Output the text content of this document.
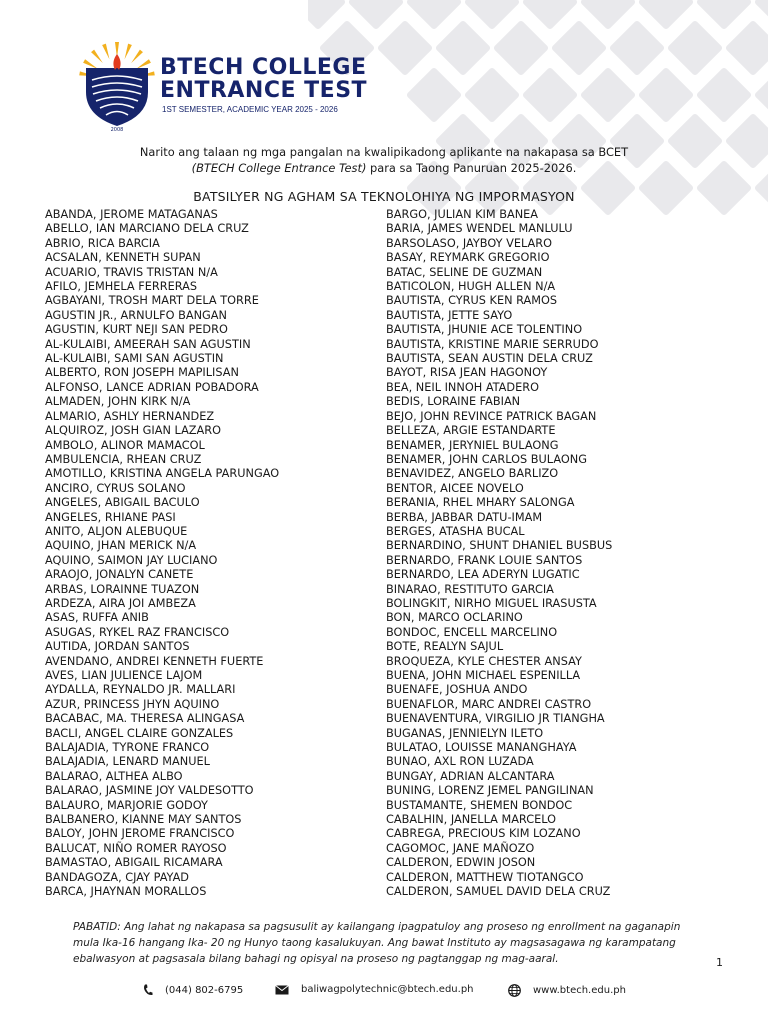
2008
BTECH COLLEGE
ENTRANCE TEST
1ST SEMESTER, ACADEMIC YEAR 2025 - 2026
Narito ang talaan ng mga pangalan na kwalipikadong aplikante na nakapasa sa BCET
(BTECH College Entrance Test) para sa Taong Panuruan 2025-2026.
BATSILYER NG AGHAM SA TEKNOLOHIYA NG IMPORMASYON
ABANDA, JEROME MATAGANAS
ABELLO, IAN MARCIANO DELA CRUZ
ABRIO, RICA BARCIA
ACSALAN, KENNETH SUPAN
ACUARIO, TRAVIS TRISTAN N/A
AFILO, JEMHELA FERRERAS
AGBAYANI, TROSH MART DELA TORRE
AGUSTIN JR., ARNULFO BANGAN
AGUSTIN, KURT NEJI SAN PEDRO
AL-KULAIBI, AMEERAH SAN AGUSTIN
AL-KULAIBI, SAMI SAN AGUSTIN
ALBERTO, RON JOSEPH MAPILISAN
ALFONSO, LANCE ADRIAN POBADORA
ALMADEN, JOHN KIRK N/A
ALMARIO, ASHLY HERNANDEZ
ALQUIROZ, JOSH GIAN LAZARO
AMBOLO, ALINOR MAMACOL
AMBULENCIA, RHEAN CRUZ
AMOTILLO, KRISTINA ANGELA PARUNGAO
ANCIRO, CYRUS SOLANO
ANGELES, ABIGAIL BACULO
ANGELES, RHIANE PASI
ANITO, ALJON ALEBUQUE
AQUINO, JHAN MERICK N/A
AQUINO, SAIMON JAY LUCIANO
ARAOJO, JONALYN CANETE
ARBAS, LORAINNE TUAZON
ARDEZA, AIRA JOI AMBEZA
ASAS, RUFFA ANIB
ASUGAS, RYKEL RAZ FRANCISCO
AUTIDA, JORDAN SANTOS
AVENDANO, ANDREI KENNETH FUERTE
AVES, LIAN JULIENCE LAJOM
AYDALLA, REYNALDO JR. MALLARI
AZUR, PRINCESS JHYN AQUINO
BACABAC, MA. THERESA ALINGASA
BACLI, ANGEL CLAIRE GONZALES
BALAJADIA, TYRONE FRANCO
BALAJADIA, LENARD MANUEL
BALARAO, ALTHEA ALBO
BALARAO, JASMINE JOY VALDESOTTO
BALAURO, MARJORIE GODOY
BALBANERO, KIANNE MAY SANTOS
BALOY, JOHN JEROME FRANCISCO
BALUCAT, NIÑO ROMER RAYOSO
BAMASTAO, ABIGAIL RICAMARA
BANDAGOZA, CJAY PAYAD
BARCA, JHAYNAN MORALLOS
BARGO, JULIAN KIM BANEA
BARIA, JAMES WENDEL MANLULU
BARSOLASO, JAYBOY VELARO
BASAY, REYMARK GREGORIO
BATAC, SELINE DE GUZMAN
BATICOLON, HUGH ALLEN N/A
BAUTISTA, CYRUS KEN RAMOS
BAUTISTA, JETTE SAYO
BAUTISTA, JHUNIE ACE TOLENTINO
BAUTISTA, KRISTINE MARIE SERRUDO
BAUTISTA, SEAN AUSTIN DELA CRUZ
BAYOT, RISA JEAN HAGONOY
BEA, NEIL INNOH ATADERO
BEDIS, LORAINE FABIAN
BEJO, JOHN REVINCE PATRICK BAGAN
BELLEZA, ARGIE ESTANDARTE
BENAMER, JERYNIEL BULAONG
BENAMER, JOHN CARLOS BULAONG
BENAVIDEZ, ANGELO BARLIZO
BENTOR, AICEE NOVELO
BERANIA, RHEL MHARY SALONGA
BERBA, JABBAR DATU-IMAM
BERGES, ATASHA BUCAL
BERNARDINO, SHUNT DHANIEL BUSBUS
BERNARDO, FRANK LOUIE SANTOS
BERNARDO, LEA ADERYN LUGATIC
BINARAO, RESTITUTO GARCIA
BOLINGKIT, NIRHO MIGUEL IRASUSTA
BON, MARCO OCLARINO
BONDOC, ENCELL MARCELINO
BOTE, REALYN SAJUL
BROQUEZA, KYLE CHESTER ANSAY
BUENA, JOHN MICHAEL ESPENILLA
BUENAFE, JOSHUA ANDO
BUENAFLOR, MARC ANDREI CASTRO
BUENAVENTURA, VIRGILIO JR TIANGHA
BUGANAS, JENNIELYN ILETO
BULATAO, LOUISSE MANANGHAYA
BUNAO, AXL RON LUZADA
BUNGAY, ADRIAN ALCANTARA
BUNING, LORENZ JEMEL PANGILINAN
BUSTAMANTE, SHEMEN BONDOC
CABALHIN, JANELLA MARCELO
CABREGA, PRECIOUS KIM LOZANO
CAGOMOC, JANE MAÑOZO
CALDERON, EDWIN JOSON
CALDERON, MATTHEW TIOTANGCO
CALDERON, SAMUEL DAVID DELA CRUZ
PABATID: Ang lahat ng nakapasa sa pagsusulit ay kailangang ipagpatuloy ang proseso ng enrollment na gaganapin mula Ika-16 hangang Ika- 20 ng Hunyo taong kasalukuyan. Ang bawat Instituto ay magsasagawa ng karampatang ebalwasyon at pagsasala bilang bahagi ng opisyal na proseso ng pagtanggap ng mag-aaral.	1
(044) 802-6795	baliwagpolytechnic@btech.edu.ph	www.btech.edu.ph
